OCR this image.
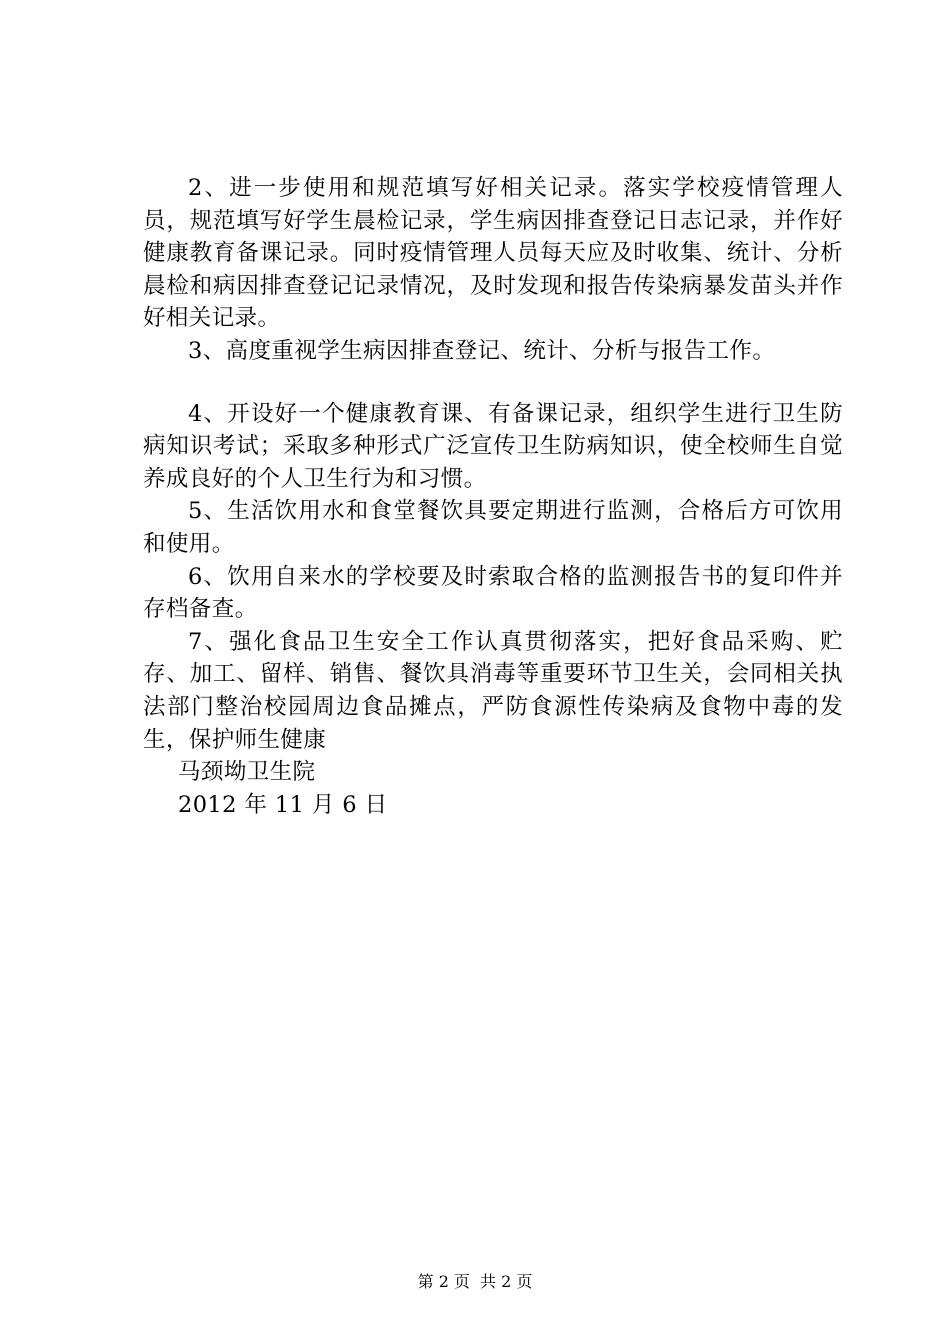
2、进一步使用和规范填写好相关记录。落实学校疫情管理人员，规范填写好学生晨检记录，学生病因排查登记日志记录，并作好健康教育备课记录。同时疫情管理人员每天应及时收集、统计、分析晨检和病因排查登记记录情况，及时发现和报告传染病暴发苗头并作好相关记录。

3、高度重视学生病因排查登记、统计、分析与报告工作。

4、开设好一个健康教育课、有备课记录，组织学生进行卫生防病知识考试；采取多种形式广泛宣传卫生防病知识，使全校师生自觉养成良好的个人卫生行为和习惯。

5、生活饮用水和食堂餐饮具要定期进行监测，合格后方可饮用和使用。

6、饮用自来水的学校要及时索取合格的监测报告书的复印件并存档备查。

7、强化食品卫生安全工作认真贯彻落实，把好食品采购、贮存、加工、留样、销售、餐饮具消毒等重要环节卫生关，会同相关执法部门整治校园周边食品摊点，严防食源性传染病及食物中毒的发生，保护师生健康

马颈坳卫生院

2012 年 11 月 6 日

第 2 页 共 2 页
